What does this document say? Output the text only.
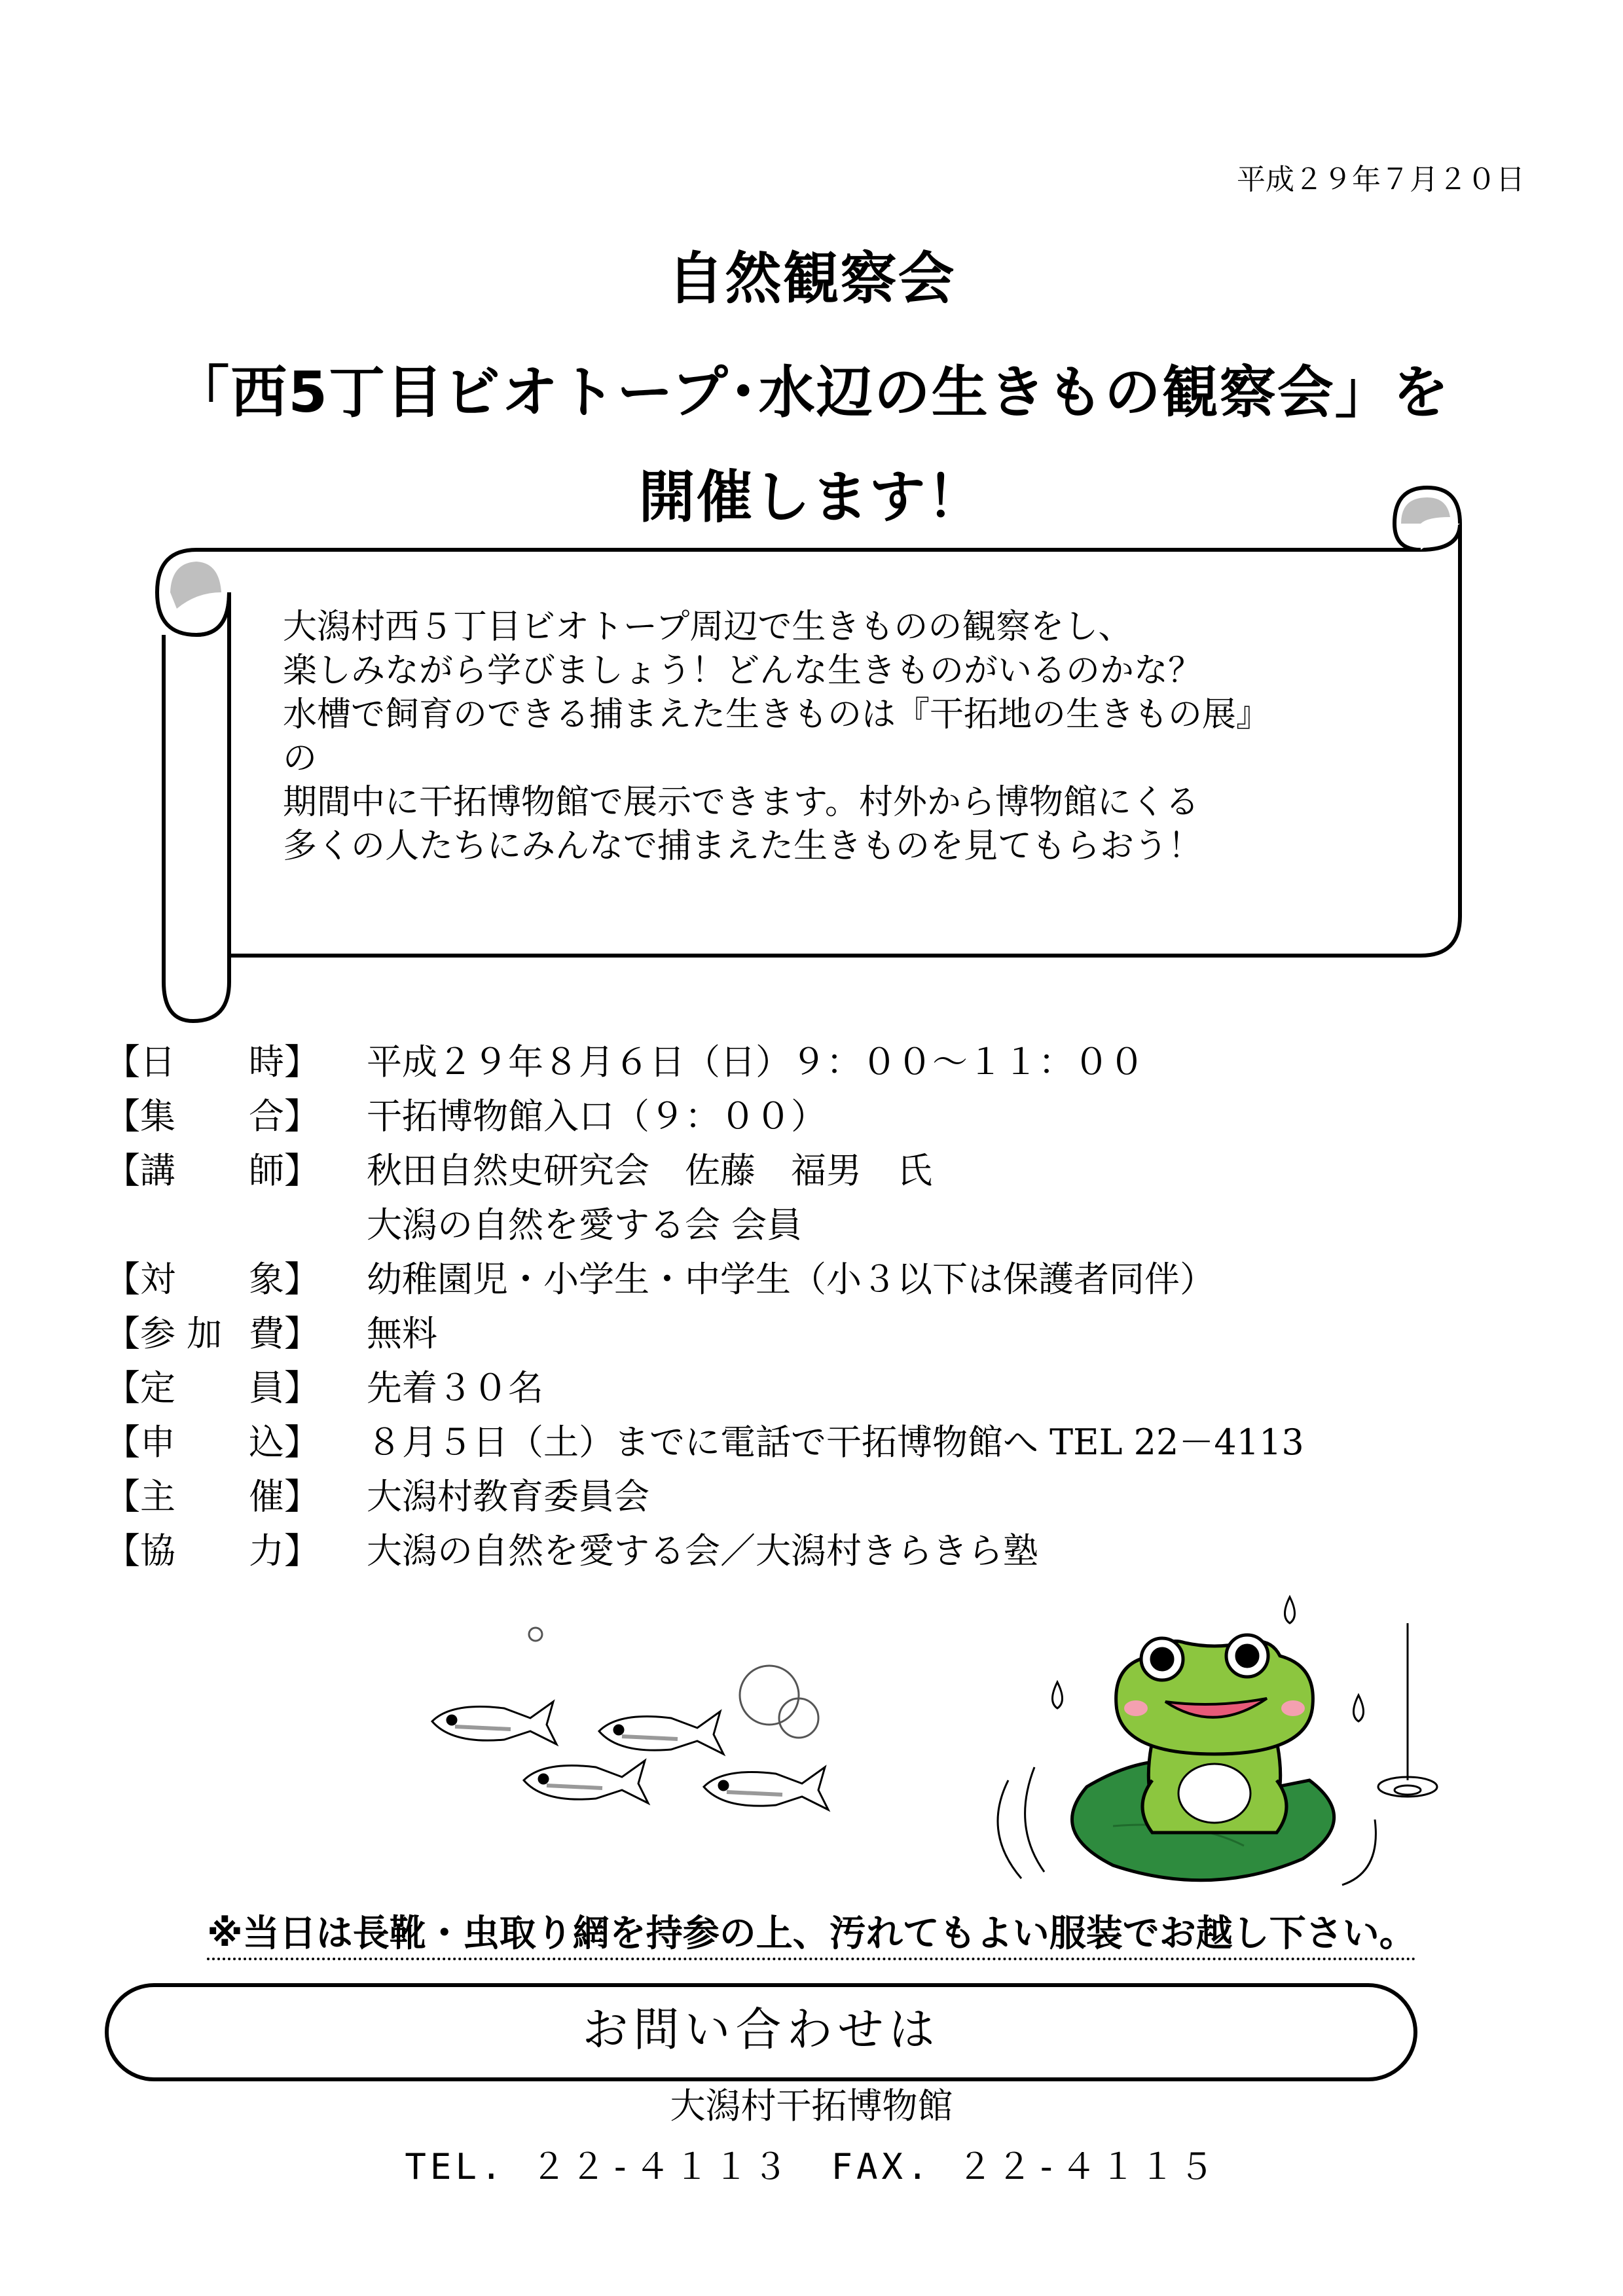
平成２９年７月２０日
自然観察会
「西5丁目ビオトープ･水辺の生きもの観察会」を
開催します！
大潟村西５丁目ビオトープ周辺で生きものの観察をし、
楽しみながら学びましょう！どんな生きものがいるのかな？
水槽で飼育のできる捕まえた生きものは『干拓地の生きもの展』
の
期間中に干拓博物館で展示できます。村外から博物館にくる
多くの人たちにみんなで捕まえた生きものを見てもらおう！
【日 時】 平成２９年８月６日（日）９：００～１１：００
【集 合】 干拓博物館入口（９：００）
【講 師】 秋田自然史研究会　佐藤　福男　氏
大潟の自然を愛する会 会員
【対 象】 幼稚園児・小学生・中学生（小３以下は保護者同伴）
【参 加 費】 無料
【定 員】 先着３０名
【申 込】 ８月５日（土）までに電話で干拓博物館へ TEL 22－4113
【主 催】 大潟村教育委員会
【協 力】 大潟の自然を愛する会／大潟村きらきら塾
※当日は長靴・虫取り網を持参の上、汚れてもよい服装でお越し下さい。
お問い合わせは
大潟村干拓博物館
TEL. ２２-４１１３　FAX. ２２-４１１５
